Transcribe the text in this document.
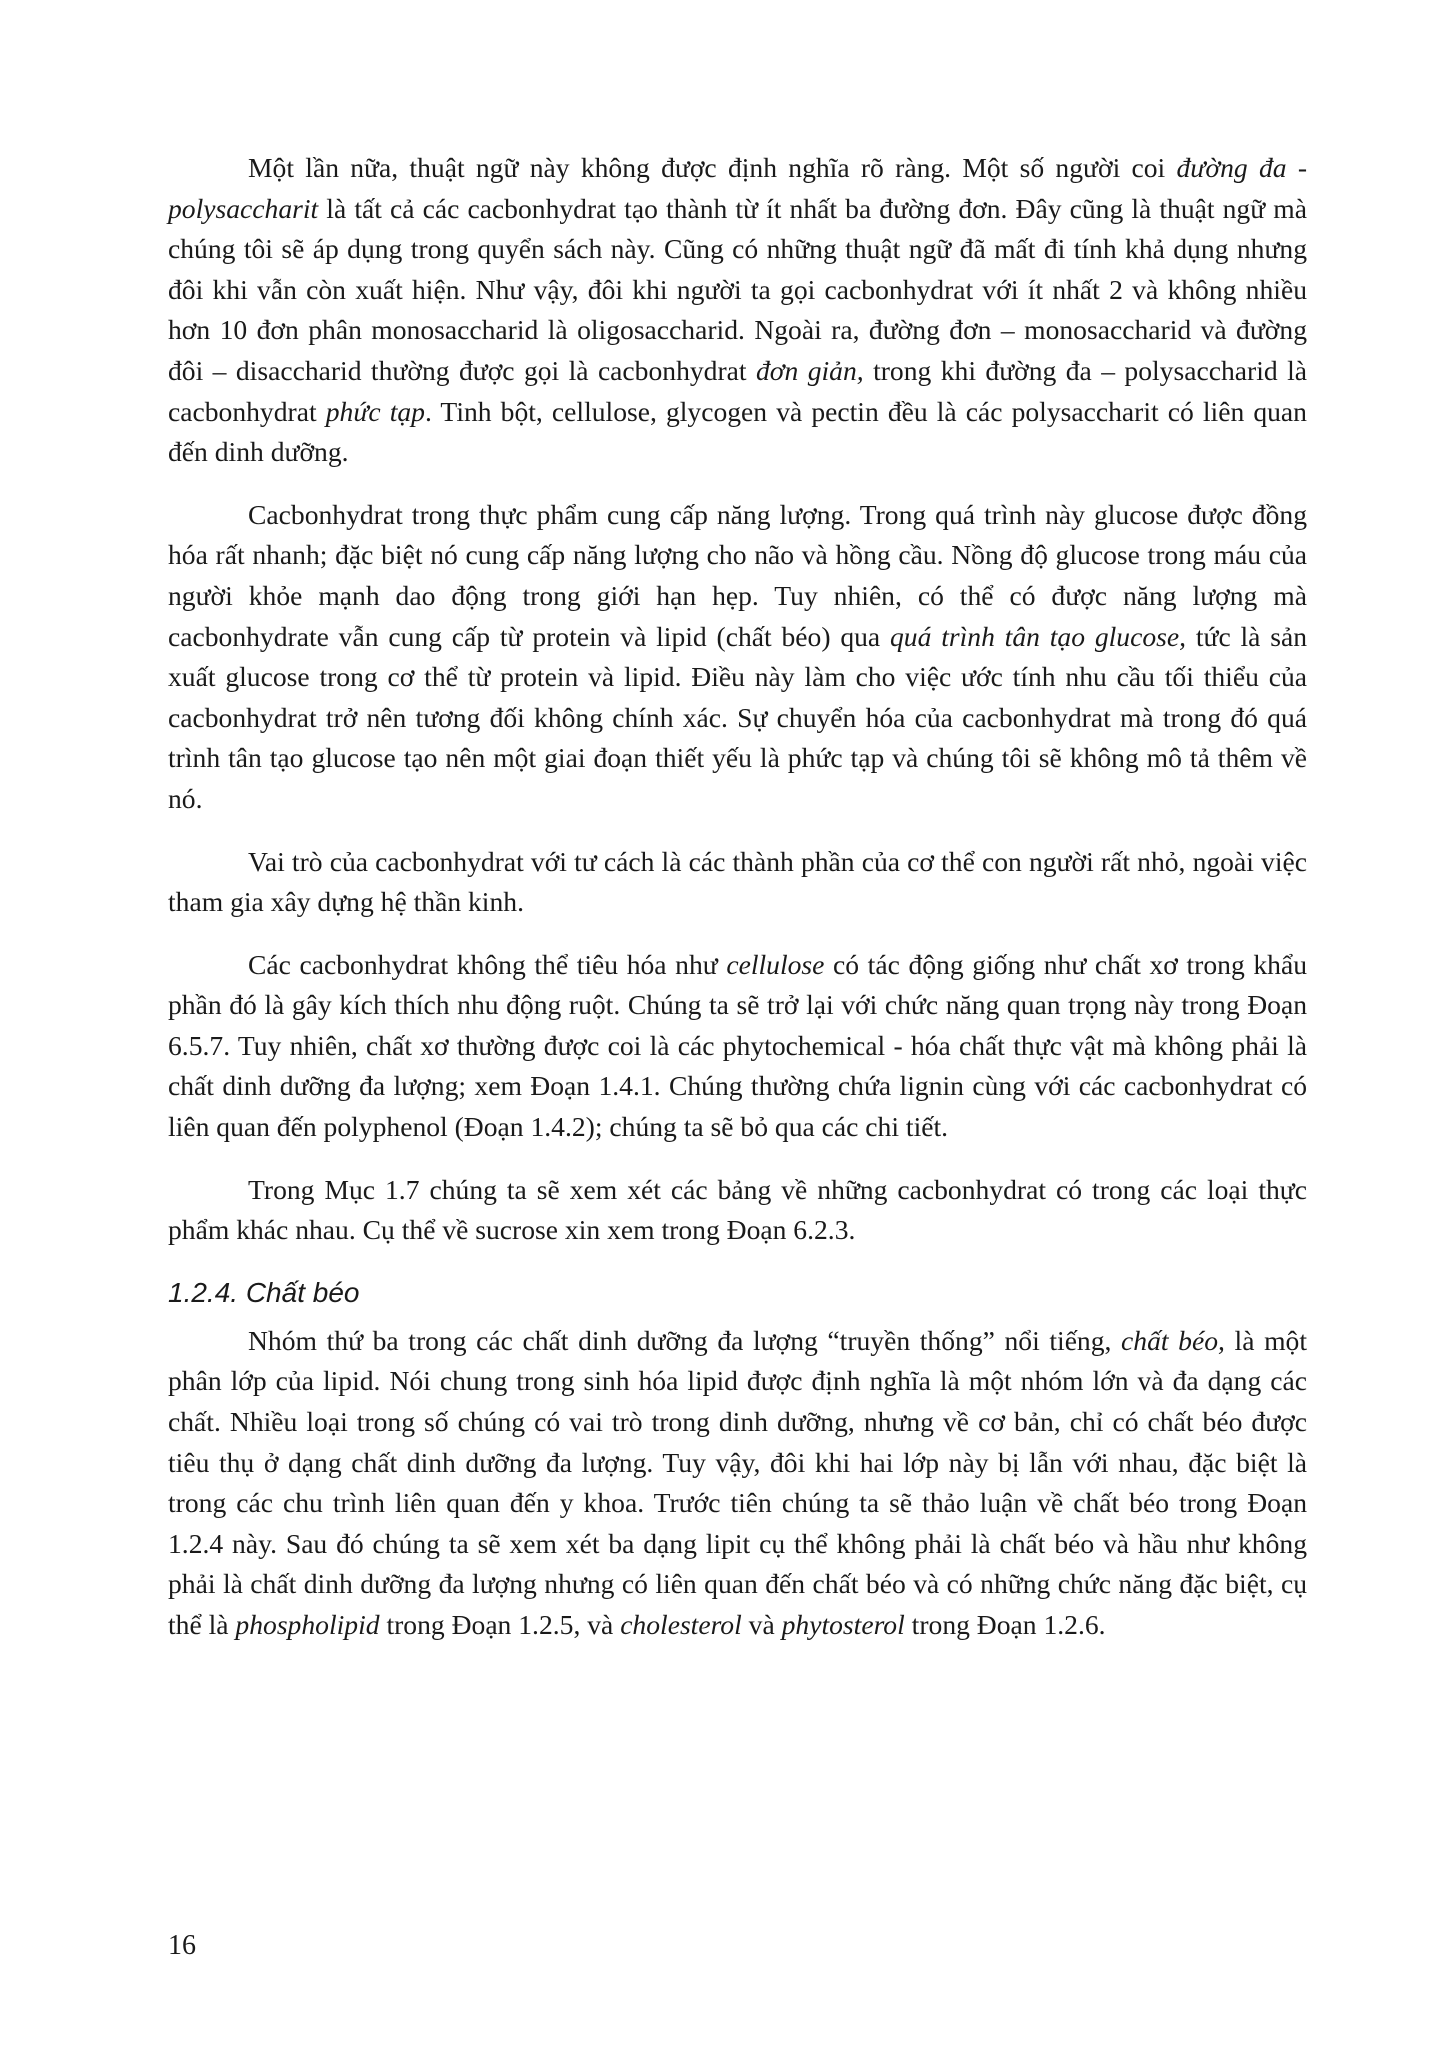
Một lần nữa, thuật ngữ này không được định nghĩa rõ ràng. Một số người coi đường đa - polysaccharit là tất cả các cacbonhydrat tạo thành từ ít nhất ba đường đơn. Đây cũng là thuật ngữ mà chúng tôi sẽ áp dụng trong quyển sách này. Cũng có những thuật ngữ đã mất đi tính khả dụng nhưng đôi khi vẫn còn xuất hiện. Như vậy, đôi khi người ta gọi cacbonhydrat với ít nhất 2 và không nhiều hơn 10 đơn phân monosaccharid là oligosaccharid. Ngoài ra, đường đơn – monosaccharid và đường đôi – disaccharid thường được gọi là cacbonhydrat đơn giản, trong khi đường đa – polysaccharid là cacbonhydrat phức tạp. Tinh bột, cellulose, glycogen và pectin đều là các polysaccharit có liên quan đến dinh dưỡng.

Cacbonhydrat trong thực phẩm cung cấp năng lượng. Trong quá trình này glucose được đồng hóa rất nhanh; đặc biệt nó cung cấp năng lượng cho não và hồng cầu. Nồng độ glucose trong máu của người khỏe mạnh dao động trong giới hạn hẹp. Tuy nhiên, có thể có được năng lượng mà cacbonhydrate vẫn cung cấp từ protein và lipid (chất béo) qua quá trình tân tạo glucose, tức là sản xuất glucose trong cơ thể từ protein và lipid. Điều này làm cho việc ước tính nhu cầu tối thiểu của cacbonhydrat trở nên tương đối không chính xác. Sự chuyển hóa của cacbonhydrat mà trong đó quá trình tân tạo glucose tạo nên một giai đoạn thiết yếu là phức tạp và chúng tôi sẽ không mô tả thêm về nó.

Vai trò của cacbonhydrat với tư cách là các thành phần của cơ thể con người rất nhỏ, ngoài việc tham gia xây dựng hệ thần kinh.

Các cacbonhydrat không thể tiêu hóa như cellulose có tác động giống như chất xơ trong khẩu phần đó là gây kích thích nhu động ruột. Chúng ta sẽ trở lại với chức năng quan trọng này trong Đoạn 6.5.7. Tuy nhiên, chất xơ thường được coi là các phytochemical - hóa chất thực vật mà không phải là chất dinh dưỡng đa lượng; xem Đoạn 1.4.1. Chúng thường chứa lignin cùng với các cacbonhydrat có liên quan đến polyphenol (Đoạn 1.4.2); chúng ta sẽ bỏ qua các chi tiết.

Trong Mục 1.7 chúng ta sẽ xem xét các bảng về những cacbonhydrat có trong các loại thực phẩm khác nhau. Cụ thể về sucrose xin xem trong Đoạn 6.2.3.

1.2.4. Chất béo

Nhóm thứ ba trong các chất dinh dưỡng đa lượng “truyền thống” nổi tiếng, chất béo, là một phân lớp của lipid. Nói chung trong sinh hóa lipid được định nghĩa là một nhóm lớn và đa dạng các chất. Nhiều loại trong số chúng có vai trò trong dinh dưỡng, nhưng về cơ bản, chỉ có chất béo được tiêu thụ ở dạng chất dinh dưỡng đa lượng. Tuy vậy, đôi khi hai lớp này bị lẫn với nhau, đặc biệt là trong các chu trình liên quan đến y khoa. Trước tiên chúng ta sẽ thảo luận về chất béo trong Đoạn 1.2.4 này. Sau đó chúng ta sẽ xem xét ba dạng lipit cụ thể không phải là chất béo và hầu như không phải là chất dinh dưỡng đa lượng nhưng có liên quan đến chất béo và có những chức năng đặc biệt, cụ thể là phospholipid trong Đoạn 1.2.5, và cholesterol và phytosterol trong Đoạn 1.2.6.

16
